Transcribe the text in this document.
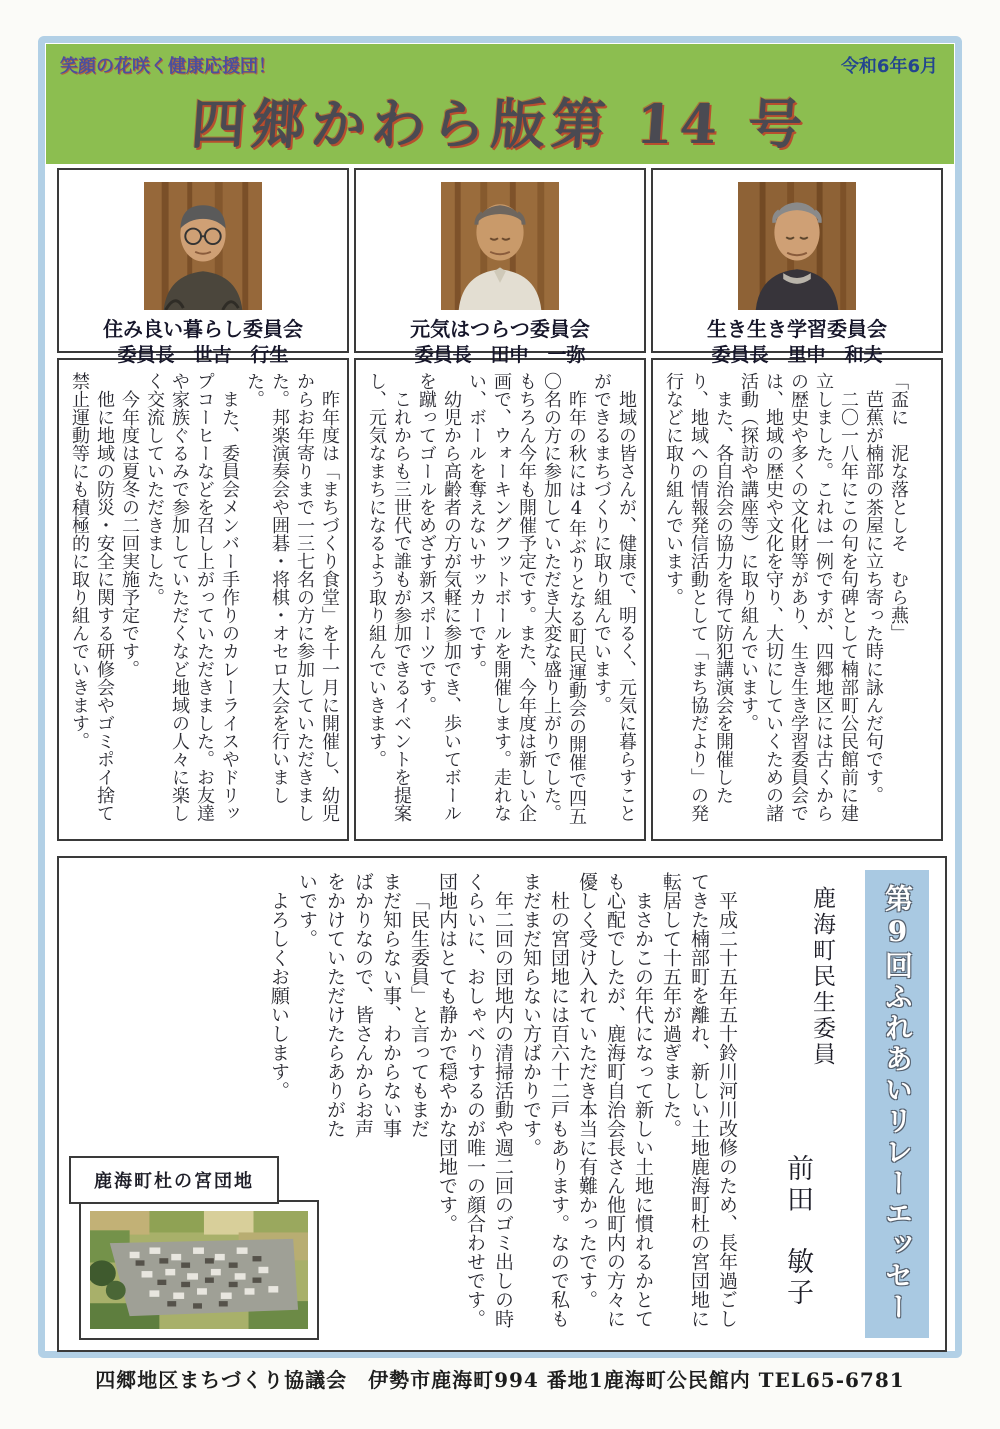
笑顔の花咲く健康応援団！	令和6年6月
四郷かわら版第 14 号
住み良い暮らし委員会
委員長　世古　行生

昨年度は「まちづくり食堂」を十一月に開催し、幼児からお年寄りまで一三七名の方に参加していただきました。邦楽演奏会や囲碁・将棋・オセロ大会を行いました。

また、委員会メンバー手作りのカレーライスやドリップコーヒーなどを召し上がっていただきました。お友達や家族ぐるみで参加していただくなど地域の人々に楽しく交流していただきました。

今年度は夏冬の二回実施予定です。

他に地域の防災・安全に関する研修会やゴミポイ捨て禁止運動等にも積極的に取り組んでいきます。

元気はつらつ委員会
委員長　田中　一弥

地域の皆さんが、健康で、明るく、元気に暮らすことができるまちづくりに取り組んでいます。

昨年の秋には4年ぶりとなる町民運動会の開催で四五〇名の方に参加していただき大変な盛り上がりでした。もちろん今年も開催予定です。また、今年度は新しい企画で、ウォーキングフットボールを開催します。走れない、ボールを奪えないサッカーです。

幼児から高齢者の方が気軽に参加でき、歩いてボールを蹴ってゴールをめざす新スポーツです。

これからも三世代で誰もが参加できるイベントを提案し、元気なまちになるよう取り組んでいきます。

生き生き学習委員会
委員長　里中　和夫

「盃に　泥な落としそ　むら燕」

芭蕉が楠部の茶屋に立ち寄った時に詠んだ句です。

二〇一八年にこの句を句碑として楠部町公民館前に建立しました。これは一例ですが、四郷地区には古くからの歴史や多くの文化財等があり、生き生き学習委員会では、地域の歴史や文化を守り、大切にしていくための諸活動（探訪や講座等）に取り組んでいます。

また、各自治会の協力を得て防犯講演会を開催したり、地域への情報発信活動として「まち協だより」の発行などに取り組んでいます。

第9回ふれあいリレーエッセー
鹿海町民生委員
前田　敏子

平成二十五年五十鈴川河川改修のため、長年過ごしてきた楠部町を離れ、新しい土地鹿海町杜の宮団地に転居して十五年が過ぎました。

まさかこの年代になって新しい土地に慣れるかとても心配でしたが、鹿海町自治会長さん他町内の方々に優しく受け入れていただき本当に有難かったです。

杜の宮団地には百六十二戸もあります。なので私もまだまだ知らない方ばかりです。

年二回の団地内の清掃活動や週二回のゴミ出しの時くらいに、おしゃべりするのが唯一の顔合わせです。団地内はとても静かで穏やかな団地です。

「民生委員」と言ってもまだまだ知らない事、わからない事ばかりなので、皆さんからお声をかけていただけたらありがたいです。

よろしくお願いします。

鹿海町杜の宮団地
四郷地区まちづくり協議会　伊勢市鹿海町994 番地1鹿海町公民館内 TEL65-6781
